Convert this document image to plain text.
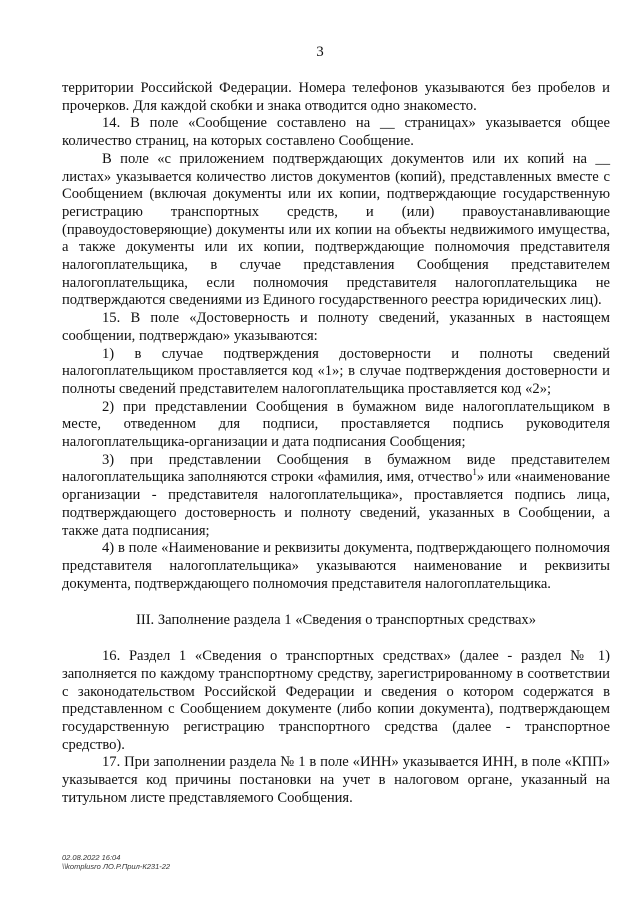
3

территории Российской Федерации. Номера телефонов указываются без пробелов и прочерков. Для каждой скобки и знака отводится одно знакоместо.

14. В поле «Сообщение составлено на __ страницах» указывается общее количество страниц, на которых составлено Сообщение.

В поле «с приложением подтверждающих документов или их копий на __ листах» указывается количество листов документов (копий), представленных вместе с Сообщением (включая документы или их копии, подтверждающие государственную регистрацию транспортных средств, и (или) правоустанавливающие (правоудостоверяющие) документы или их копии на объекты недвижимого имущества, а также документы или их копии, подтверждающие полномочия представителя налогоплательщика, в случае представления Сообщения представителем налогоплательщика, если полномочия представителя налогоплательщика не подтверждаются сведениями из Единого государственного реестра юридических лиц).

15. В поле «Достоверность и полноту сведений, указанных в настоящем сообщении, подтверждаю» указываются:

1) в случае подтверждения достоверности и полноты сведений налогоплательщиком проставляется код «1»; в случае подтверждения достоверности и полноты сведений представителем налогоплательщика проставляется код «2»;

2) при представлении Сообщения в бумажном виде налогоплательщиком в месте, отведенном для подписи, проставляется подпись руководителя налогоплательщика-организации и дата подписания Сообщения;

3) при представлении Сообщения в бумажном виде представителем налогоплательщика заполняются строки «фамилия, имя, отчество$^1$» или «наименование организации - представителя налогоплательщика», проставляется подпись лица, подтверждающего достоверность и полноту сведений, указанных в Сообщении, а также дата подписания;

4) в поле «Наименование и реквизиты документа, подтверждающего полномочия представителя налогоплательщика» указываются наименование и реквизиты документа, подтверждающего полномочия представителя налогоплательщика.

III. Заполнение раздела 1 «Сведения о транспортных средствах»

16. Раздел 1 «Сведения о транспортных средствах» (далее - раздел № 1) заполняется по каждому транспортному средству, зарегистрированному в соответствии с законодательством Российской Федерации и сведения о котором содержатся в представленном с Сообщением документе (либо копии документа), подтверждающем государственную регистрацию транспортного средства (далее - транспортное средство).

17. При заполнении раздела № 1 в поле «ИНН» указывается ИНН, в поле «КПП» указывается код причины постановки на учет в налоговом органе, указанный на титульном листе представляемого Сообщения.

02.08.2022 16:04
\\komplusro ЛО.Р.Прил-К231-22
